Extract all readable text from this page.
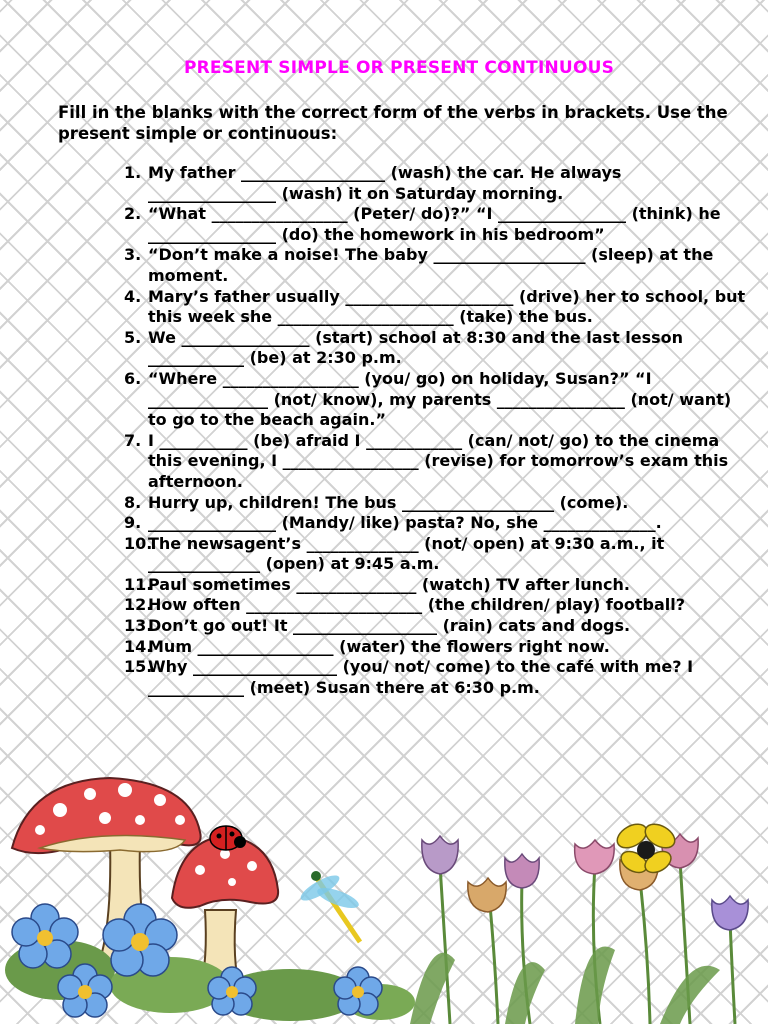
PRESENT SIMPLE OR PRESENT CONTINUOUS
Fill in the blanks with the correct form of the verbs in brackets. Use the present simple or continuous:
1. My father __________________ (wash) the car. He always ________________ (wash) it on Saturday morning.
2. “What _________________ (Peter/ do)?” “I ________________ (think) he ________________ (do) the homework in his bedroom”
3. “Don’t make a noise! The baby ___________________ (sleep) at the moment.
4. Mary’s father usually _____________________ (drive) her to school, but this week she ______________________ (take) the bus.
5. We ________________ (start) school at 8:30 and the last lesson ____________ (be) at 2:30 p.m.
6. “Where _________________ (you/ go) on holiday, Susan?” “I _______________ (not/ know), my parents ________________ (not/ want) to go to the beach again.”
7. I ___________ (be) afraid I ____________ (can/ not/ go) to the cinema this evening, I _________________ (revise) for tomorrow’s exam this afternoon.
8. Hurry up, children! The bus ___________________ (come).
9. ________________ (Mandy/ like) pasta? No, she ______________.
10.
The newsagent’s ______________ (not/ open) at 9:30 a.m., it ______________ (open) at 9:45 a.m.
11.
Paul sometimes _______________ (watch) TV after lunch.
12.
How often ______________________ (the children/ play) football?
13.
Don’t go out! It __________________ (rain) cats and dogs.
14.
Mum _________________ (water) the flowers right now.
15.
Why __________________ (you/ not/ come) to the café with me? I ____________ (meet) Susan there at 6:30 p.m.
